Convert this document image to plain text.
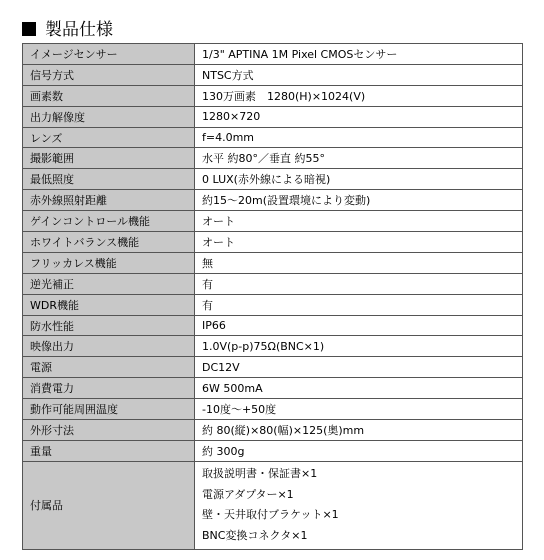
製品仕様
イメージセンサー	1/3" APTINA 1M Pixel CMOSセンサー
信号方式	NTSC方式
画素数	130万画素　1280(H)×1024(V)
出力解像度	1280×720
レンズ	f=4.0mm
撮影範囲	水平 約80°／垂直 約55°
最低照度	0 LUX(赤外線による暗視)
赤外線照射距離	約15～20m(設置環境により変動)
ゲインコントロール機能	オート
ホワイトバランス機能	オート
フリッカレス機能	無
逆光補正	有
WDR機能	有
防水性能	IP66
映像出力	1.0V(p-p)75Ω(BNC×1)
電源	DC12V
消費電力	6W 500mA
動作可能周囲温度	-10度～+50度
外形寸法	約 80(縦)×80(幅)×125(奥)mm
重量	約 300g
付属品	取扱説明書・保証書×1
電源アダプター×1
壁・天井取付ブラケット×1
BNC変換コネクタ×1
